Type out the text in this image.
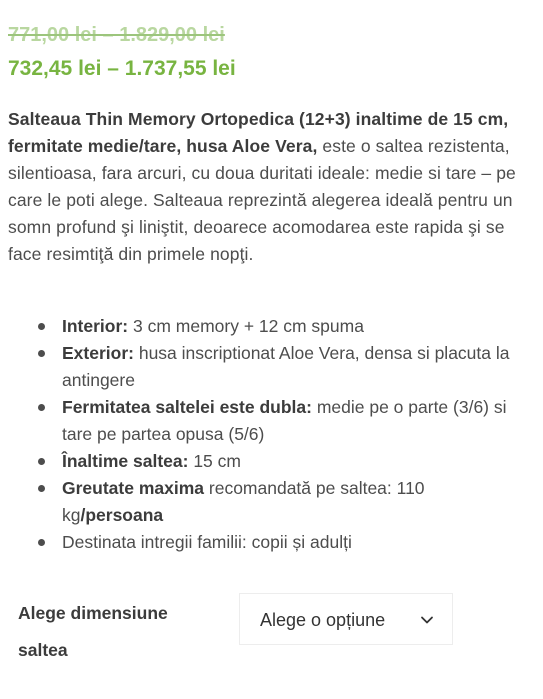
771,00 lei – 1.829,00 lei
732,45 lei – 1.737,55 lei
Salteaua Thin Memory Ortopedica (12+3) inaltime de 15 cm, fermitate medie/tare, husa Aloe Vera, este o saltea rezistenta, silentioasa, fara arcuri, cu doua duritati ideale: medie si tare – pe care le poti alege. Salteaua reprezintă alegerea ideală pentru un somn profund şi liniştit, deoarece acomodarea este rapida şi se face resimtiţă din primele nopţi.
Interior: 3 cm memory + 12 cm spuma
Exterior: husa inscriptionat Aloe Vera, densa si placuta la antingere
Fermitatea saltelei este dubla: medie pe o parte (3/6) si tare pe partea opusa (5/6)
Înaltime saltea: 15 cm
Greutate maxima recomandată pe saltea: 110 kg/persoana
Destinata intregii familii: copii și adulți
Alege dimensiune saltea
Alege o opțiune
